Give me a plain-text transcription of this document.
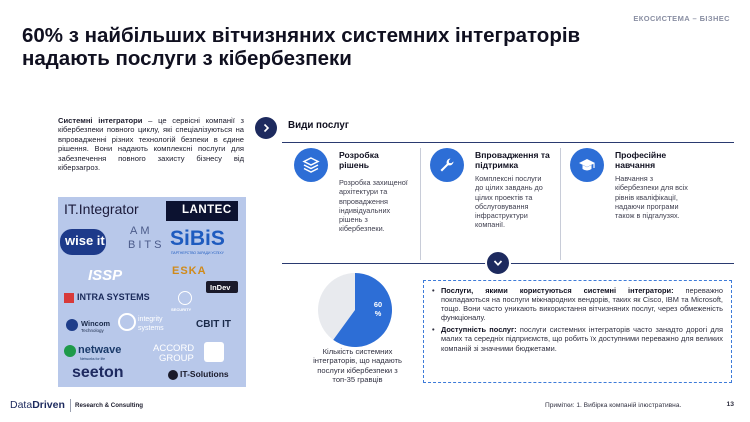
ЕКОСИСТЕМА – БІЗНЕС
60% з найбільших вітчизняних системних інтеграторів надають послуги з кібербезпеки
Системні інтегратори – це сервісні компанії з кібербезпеки повного циклу, які спеціалізуються на впровадженні різних технологій безпеки в єдине рішення. Вони надають комплексні послуги для забезпечення повного захисту бізнесу від кіберзагроз.
IT.Integrator	LANTEC
wise it
AM
BITS SiBiS
ПАРТНЕРСТВО ЗАРАДИ УСПІХУ
ISSP	ESKA
InDev
INTRA SYSTEMS
SECURITY
Wincom
Technology
integrity
systems	CBIT IT
netwave
Networks for life
ACCORD
GROUP
seeton	IT-Solutions
Види послуг
Розробка рішень
Розробка захищеної архітектури та впровадження індивідуальних рішень з кібербезпеки.
Впровадження та підтримка
Комплексні послуги до цілих завдань до цілих проектів та обслуговування інфраструктури компанії.
Професійне навчання
Навчання з кібербезпеки для всіх рівнів кваліфікації, надаючи програми також в підгалузях.
60
%
Кількість системних інтеграторів, що надають послуги кібербезпеки з топ-35 гравців
• Послуги, якими користуються системні інтегратори: переважно покладаються на послуги міжнародних вендорів, таких як Cisco, IBM та Microsoft, тощо. Вони часто уникають використання вітчизняних послуг, через обмеженість функціоналу.
• Доступність послуг: послуги системних інтеграторів часто занадто дорогі для малих та середніх підприємств, що робить їх доступними переважно для великих компаній зі значними бюджетами.
DataDriven Research & Consulting	Примітки: 1. Вибірка компаній ілюстративна.	13
